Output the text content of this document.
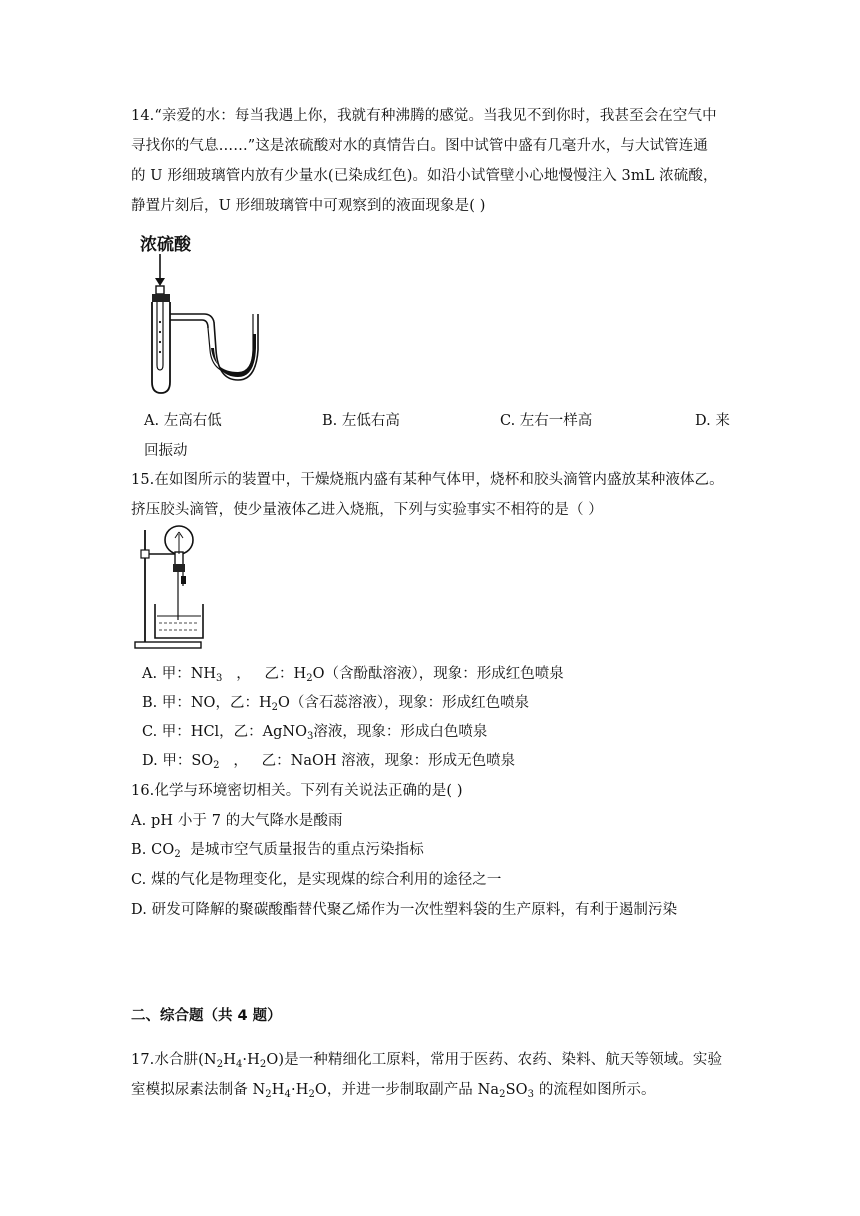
14.“亲爱的水：每当我遇上你，我就有种沸腾的感觉。当我见不到你时，我甚至会在空气中
寻找你的气息……”这是浓硫酸对水的真情告白。图中试管中盛有几毫升水，与大试管连通
的 U 形细玻璃管内放有少量水(已染成红色)。如沿小试管壁小心地慢慢注入 3mL 浓硫酸，
静置片刻后，U 形细玻璃管中可观察到的液面现象是( )
浓硫酸
A. 左高右低	B. 左低右高	C. 左右一样高	D. 来
回振动
15.在如图所示的装置中，干燥烧瓶内盛有某种气体甲，烧杯和胶头滴管内盛放某种液体乙。
挤压胶头滴管，使少量液体乙进入烧瓶，下列与实验事实不相符的是（ ）
A. 甲：$NH_3$   ，   乙：$H_2O$（含酚酞溶液），现象：形成红色喷泉
B. 甲：NO，乙：$H_2O$（含石蕊溶液），现象：形成红色喷泉
C. 甲：HCl，乙：AgNO$_3$溶液，现象：形成白色喷泉
D. 甲：$SO_2$   ，   乙：NaOH 溶液，现象：形成无色喷泉
16.化学与环境密切相关。下列有关说法正确的是( )
A. pH 小于 7 的大气降水是酸雨
B. $CO_2$  是城市空气质量报告的重点污染指标
C. 煤的气化是物理变化，是实现煤的综合利用的途径之一
D. 研发可降解的聚碳酸酯替代聚乙烯作为一次性塑料袋的生产原料，有利于遏制污染
二、综合题（共 4 题）
17.水合肼$(N_2H_4\cdot H_2O)$是一种精细化工原料，常用于医药、农药、染料、航天等领域。实验
室模拟尿素法制备 $N_2H_4\cdot H_2O$，并进一步制取副产品 $Na_2SO_3$ 的流程如图所示。
